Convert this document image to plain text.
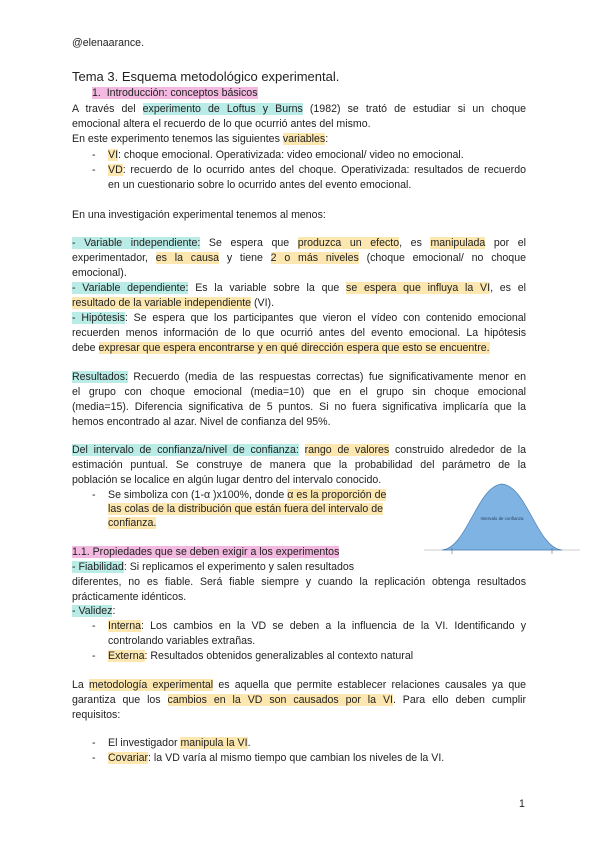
@elenaarance.
Tema 3. Esquema metodológico experimental.
1. Introducción: conceptos básicos
A través del experimento de Loftus y Burns (1982) se trató de estudiar si un choque
emocional altera el recuerdo de lo que ocurrió antes del mismo.
En este experimento tenemos las siguientes variables:
- VI: choque emocional. Operativizada: video emocional/ video no emocional.
- VD: recuerdo de lo ocurrido antes del choque. Operativizada: resultados de recuerdo
en un cuestionario sobre lo ocurrido antes del evento emocional.
En una investigación experimental tenemos al menos:
- Variable independiente: Se espera que produzca un efecto, es manipulada por el
experimentador, es la causa y tiene 2 o más niveles (choque emocional/ no choque
emocional).
- Variable dependiente: Es la variable sobre la que se espera que influya la VI, es el
resultado de la variable independiente (VI).
- Hipótesis: Se espera que los participantes que vieron el vídeo con contenido emocional
recuerden menos información de lo que ocurrió antes del evento emocional. La hipótesis
debe expresar que espera encontrarse y en qué dirección espera que esto se encuentre.
Resultados: Recuerdo (media de las respuestas correctas) fue significativamente menor en
el grupo con choque emocional (media=10) que en el grupo sin choque emocional
(media=15). Diferencia significativa de 5 puntos. Si no fuera significativa implicaría que la
hemos encontrado al azar. Nivel de confianza del 95%.
Del intervalo de confianza/nivel de confianza: rango de valores construido alrededor de la
estimación puntual. Se construye de manera que la probabilidad del parámetro de la
población se localice en algún lugar dentro del intervalo conocido.
- Se simboliza con (1-α )x100%, donde α es la proporción de
las colas de la distribución que están fuera del intervalo de
confianza.	Intervalo de confianza
1.1. Propiedades que se deben exigir a los experimentos
- Fiabilidad: Si replicamos el experimento y salen resultados
diferentes, no es fiable. Será fiable siempre y cuando la replicación obtenga resultados
prácticamente idénticos.
- Validez:
- Interna: Los cambios en la VD se deben a la influencia de la VI. Identificando y
controlando variables extrañas.
- Externa: Resultados obtenidos generalizables al contexto natural
La metodología experimental es aquella que permite establecer relaciones causales ya que
garantiza que los cambios en la VD son causados por la VI. Para ello deben cumplir
requisitos:
- El investigador manipula la VI.
- Covariar: la VD varía al mismo tiempo que cambian los niveles de la VI.
1
